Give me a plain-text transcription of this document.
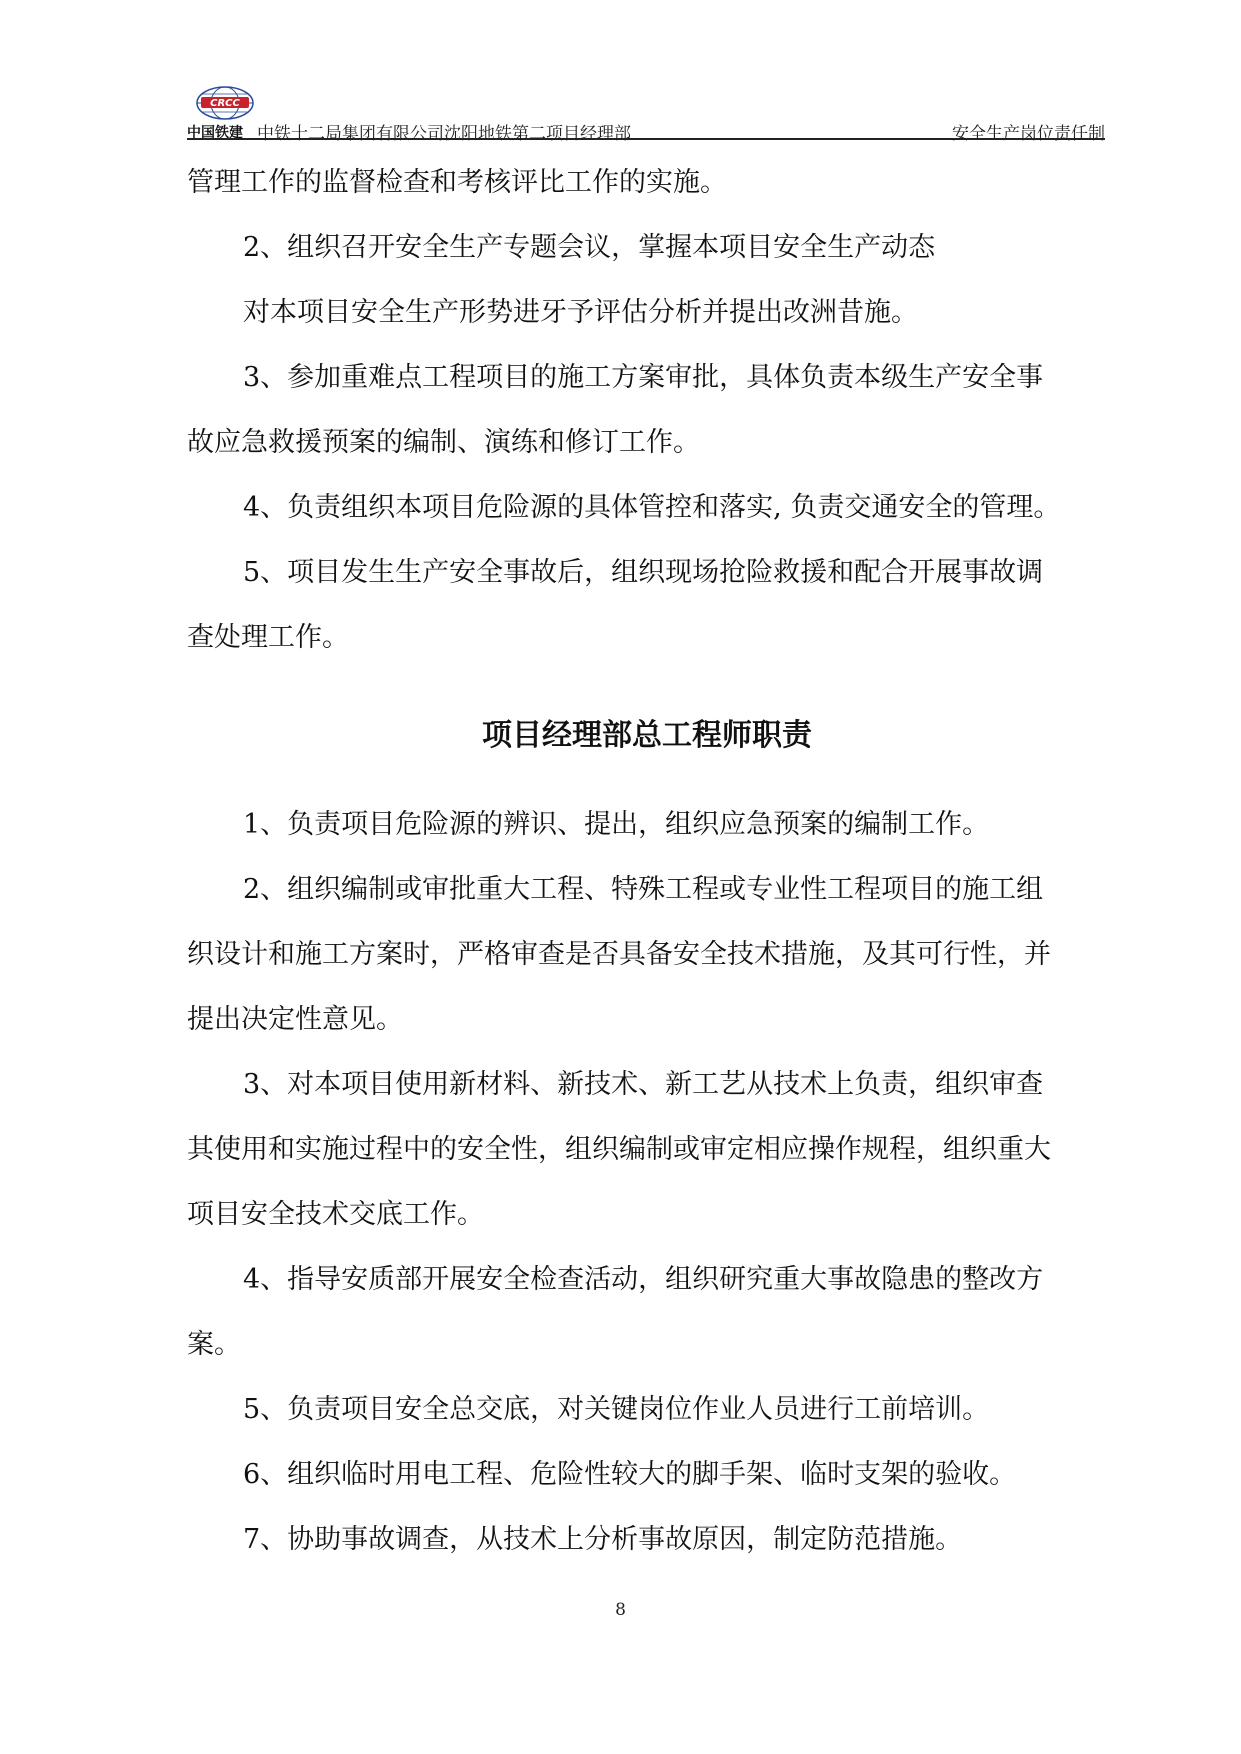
CRCC
中国铁建 中铁十二局集团有限公司沈阳地铁第二项目经理部	安全生产岗位责任制
管理工作的监督检查和考核评比工作的实施。
2、组织召开安全生产专题会议，掌握本项目安全生产动态
对本项目安全生产形势进牙予评估分析并提出改洲昔施。
3、参加重难点工程项目的施工方案审批，具体负责本级生产安全事
故应急救援预案的编制、演练和修订工作。
4、负责组织本项目危险源的具体管控和落实, 负责交通安全的管理。
5、项目发生生产安全事故后，组织现场抢险救援和配合开展事故调
查处理工作。
项目经理部总工程师职责
1、负责项目危险源的辨识、提出，组织应急预案的编制工作。
2、组织编制或审批重大工程、特殊工程或专业性工程项目的施工组
织设计和施工方案时，严格审查是否具备安全技术措施，及其可行性，并
提出决定性意见。
3、对本项目使用新材料、新技术、新工艺从技术上负责，组织审查
其使用和实施过程中的安全性，组织编制或审定相应操作规程，组织重大
项目安全技术交底工作。
4、指导安质部开展安全检查活动，组织研究重大事故隐患的整改方
案。
5、负责项目安全总交底，对关键岗位作业人员进行工前培训。
6、组织临时用电工程、危险性较大的脚手架、临时支架的验收。
7、协助事故调查，从技术上分析事故原因，制定防范措施。
8
